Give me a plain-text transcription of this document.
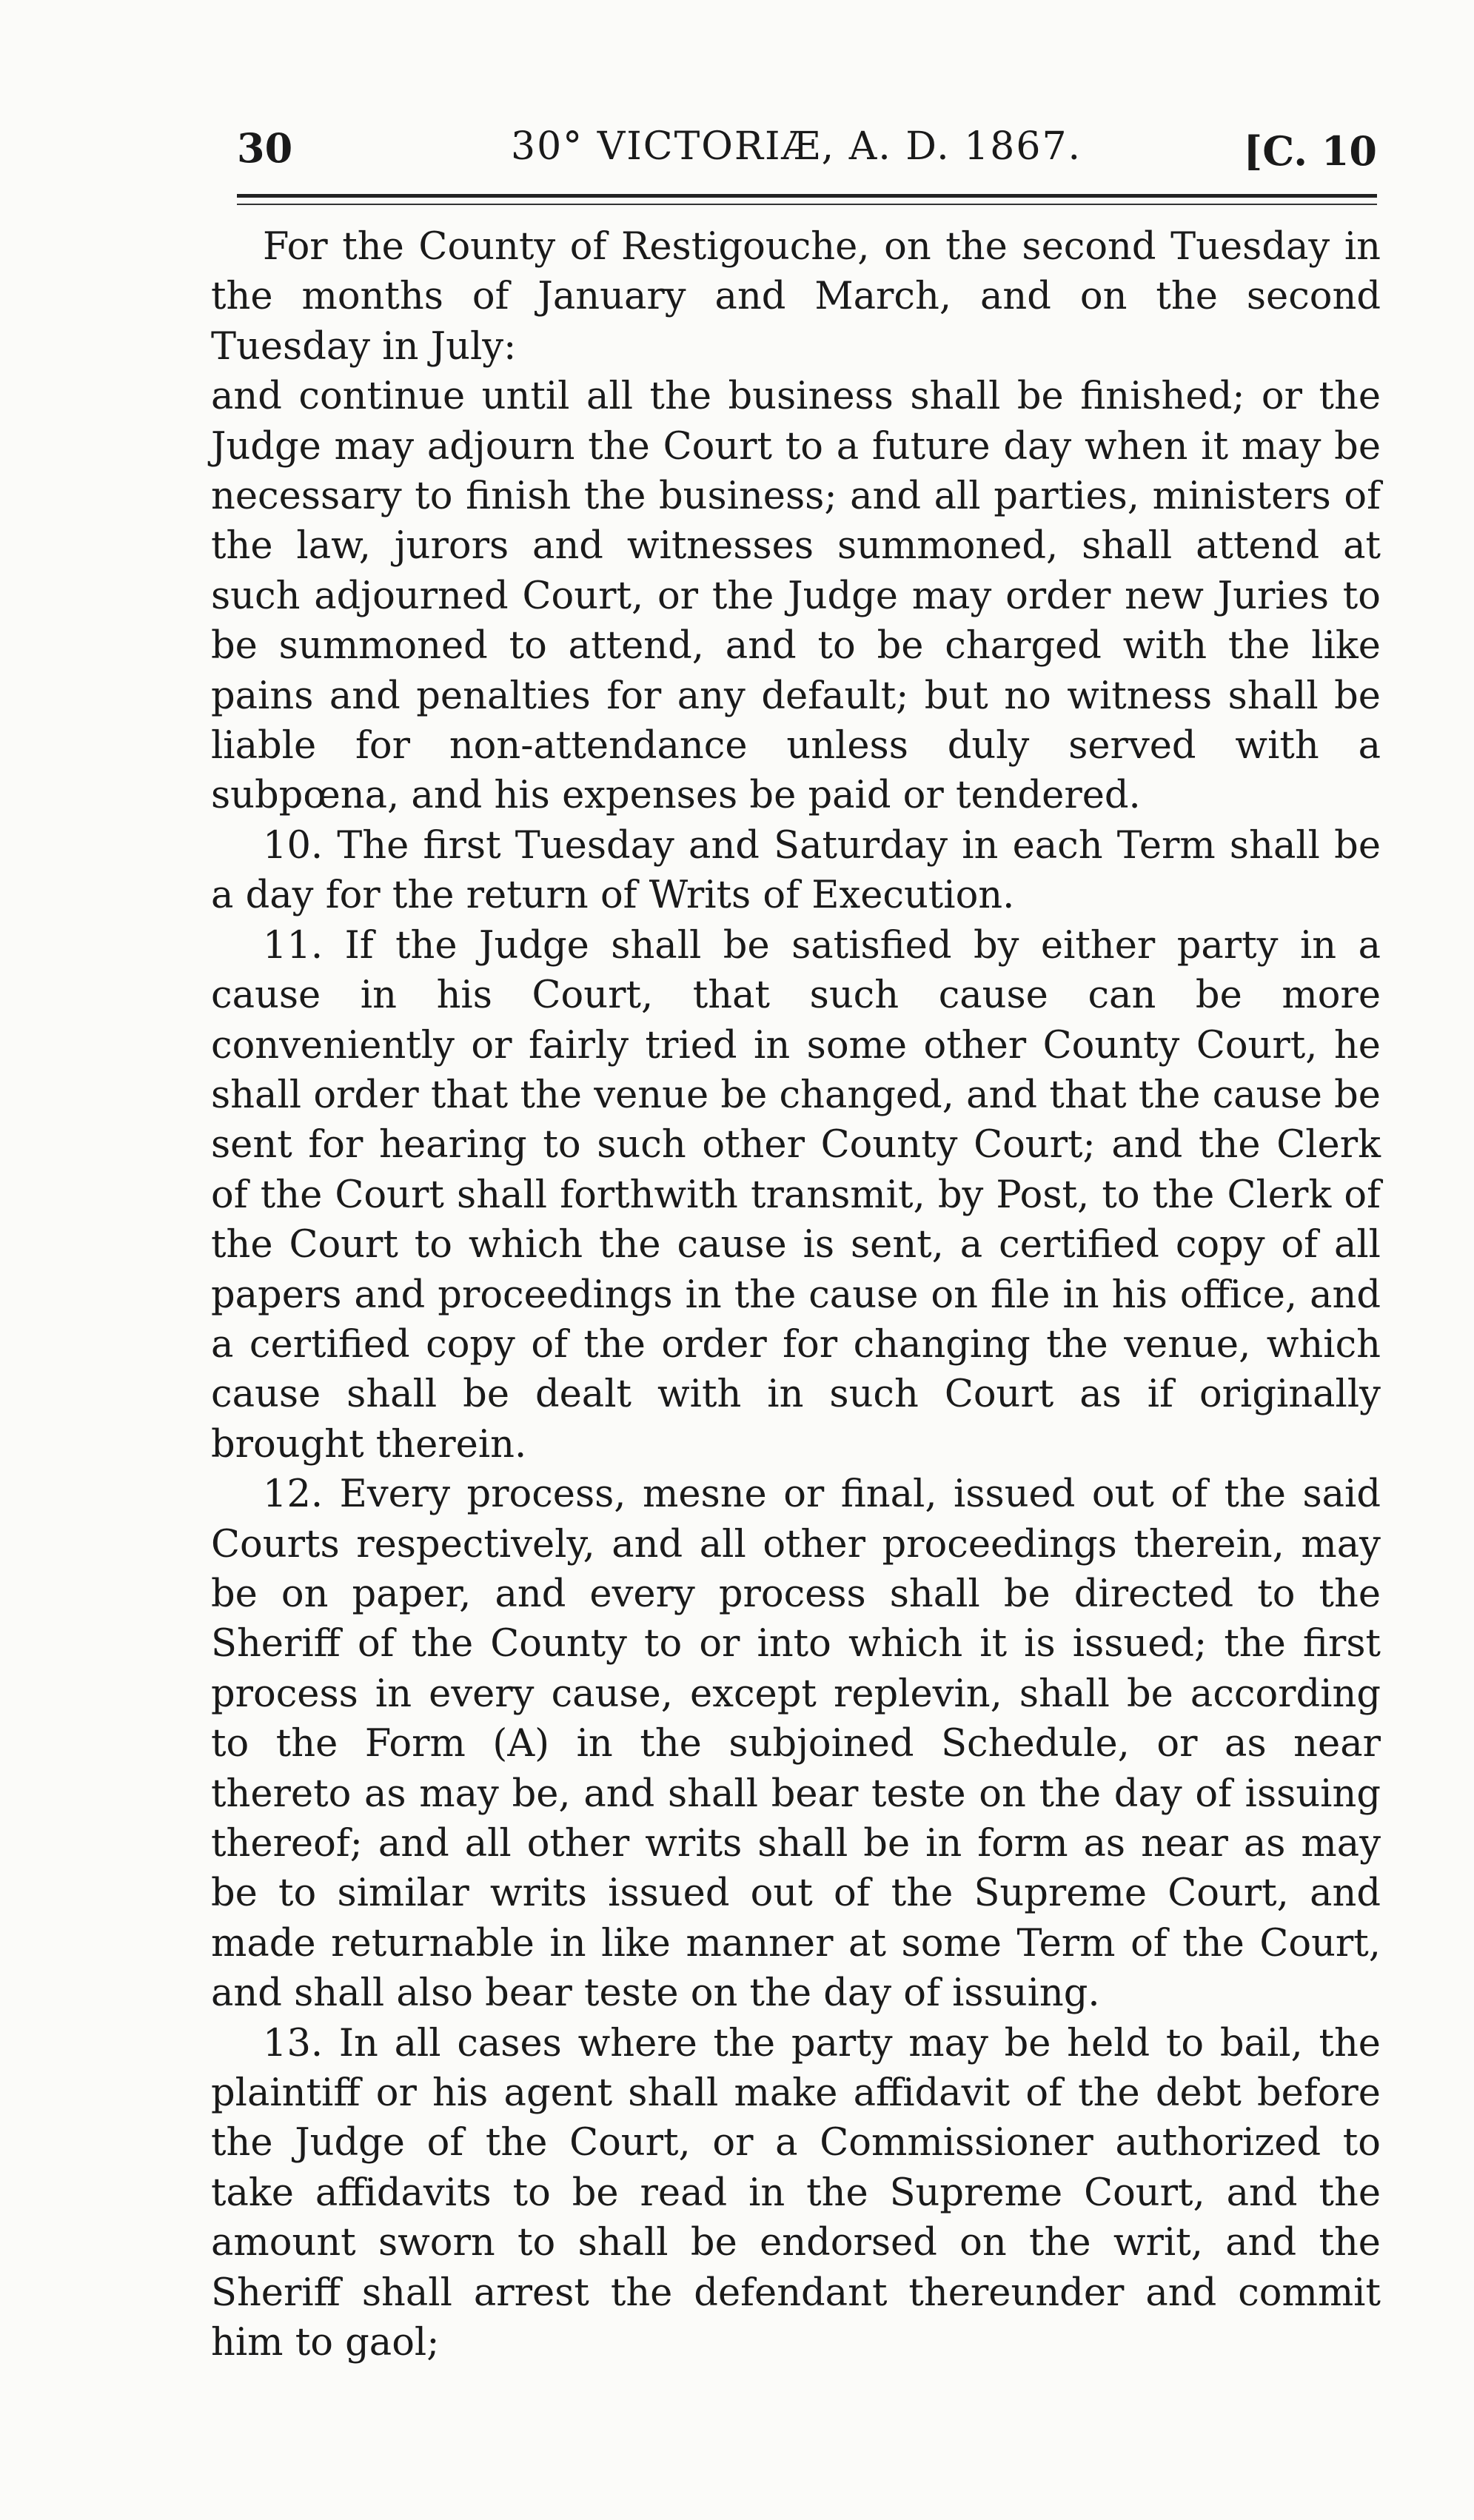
30	30° VICTORIÆ, A. D. 1867.	[C. 10

For the County of Restigouche, on the second Tuesday in the months of January and March, and on the second Tuesday in July:

and continue until all the business shall be finished; or the Judge may adjourn the Court to a future day when it may be necessary to finish the business; and all parties, ministers of the law, jurors and witnesses summoned, shall attend at such adjourned Court, or the Judge may order new Juries to be summoned to attend, and to be charged with the like pains and penalties for any default; but no witness shall be liable for non-attendance unless duly served with a subpœna, and his expenses be paid or tendered.

10. The first Tuesday and Saturday in each Term shall be a day for the return of Writs of Execution.

11. If the Judge shall be satisfied by either party in a cause in his Court, that such cause can be more conveniently or fairly tried in some other County Court, he shall order that the venue be changed, and that the cause be sent for hearing to such other County Court; and the Clerk of the Court shall forthwith transmit, by Post, to the Clerk of the Court to which the cause is sent, a certified copy of all papers and proceedings in the cause on file in his office, and a certified copy of the order for changing the venue, which cause shall be dealt with in such Court as if originally brought therein.

12. Every process, mesne or final, issued out of the said Courts respectively, and all other proceedings therein, may be on paper, and every process shall be directed to the Sheriff of the County to or into which it is issued; the first process in every cause, except replevin, shall be according to the Form (A) in the subjoined Schedule, or as near thereto as may be, and shall bear teste on the day of issuing thereof; and all other writs shall be in form as near as may be to similar writs issued out of the Supreme Court, and made returnable in like manner at some Term of the Court, and shall also bear teste on the day of issuing.

13. In all cases where the party may be held to bail, the plaintiff or his agent shall make affidavit of the debt before the Judge of the Court, or a Commissioner authorized to take affidavits to be read in the Supreme Court, and the amount sworn to shall be endorsed on the writ, and the Sheriff shall arrest the defendant thereunder and commit him to gaol;
